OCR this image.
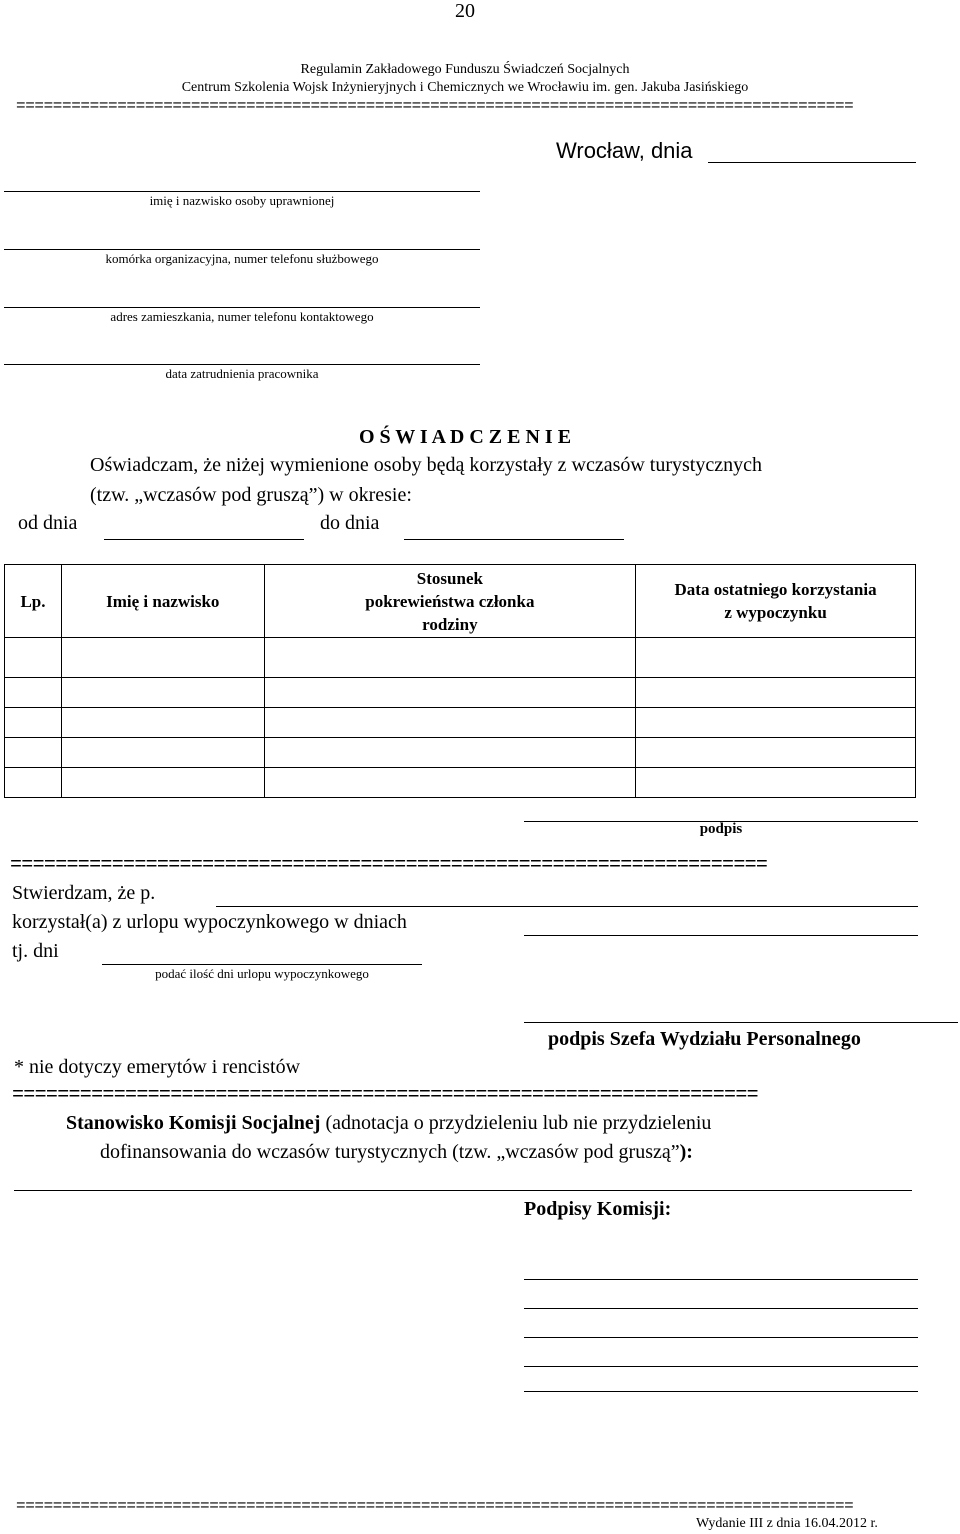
20
Regulamin Zakładowego Funduszu Świadczeń Socjalnych
Centrum Szkolenia Wojsk Inżynieryjnych i Chemicznych we Wrocławiu im. gen. Jakuba Jasińskiego
===========================================================================================
Wrocław, dnia
imię i nazwisko osoby uprawnionej
komórka organizacyjna, numer telefonu służbowego
adres zamieszkania, numer telefonu kontaktowego
data zatrudnienia pracownika
O Ś W I A D C Z E N I E
Oświadczam, że niżej wymienione osoby będą korzystały z wczasów turystycznych
(tzw. „wczasów pod gruszą”) w okresie:
od dnia	do dnia
Lp.	Imię i nazwisko	Stosunek pokrewieństwa członka rodziny	Data ostatniego korzystania z wypoczynku

podpis
===================================================================
Stwierdzam, że p.
korzystał(a) z urlopu wypoczynkowego w dniach
tj. dni
podać ilość dni urlopu wypoczynkowego
podpis Szefa Wydziału Personalnego
* nie dotyczy emerytów i rencistów
==================================================================
Stanowisko Komisji Socjalnej (adnotacja o przydzieleniu lub nie przydzieleniu
dofinansowania do wczasów turystycznych (tzw. „wczasów pod gruszą”):
Podpisy Komisji:
===========================================================================================
Wydanie III z dnia 16.04.2012 r.
